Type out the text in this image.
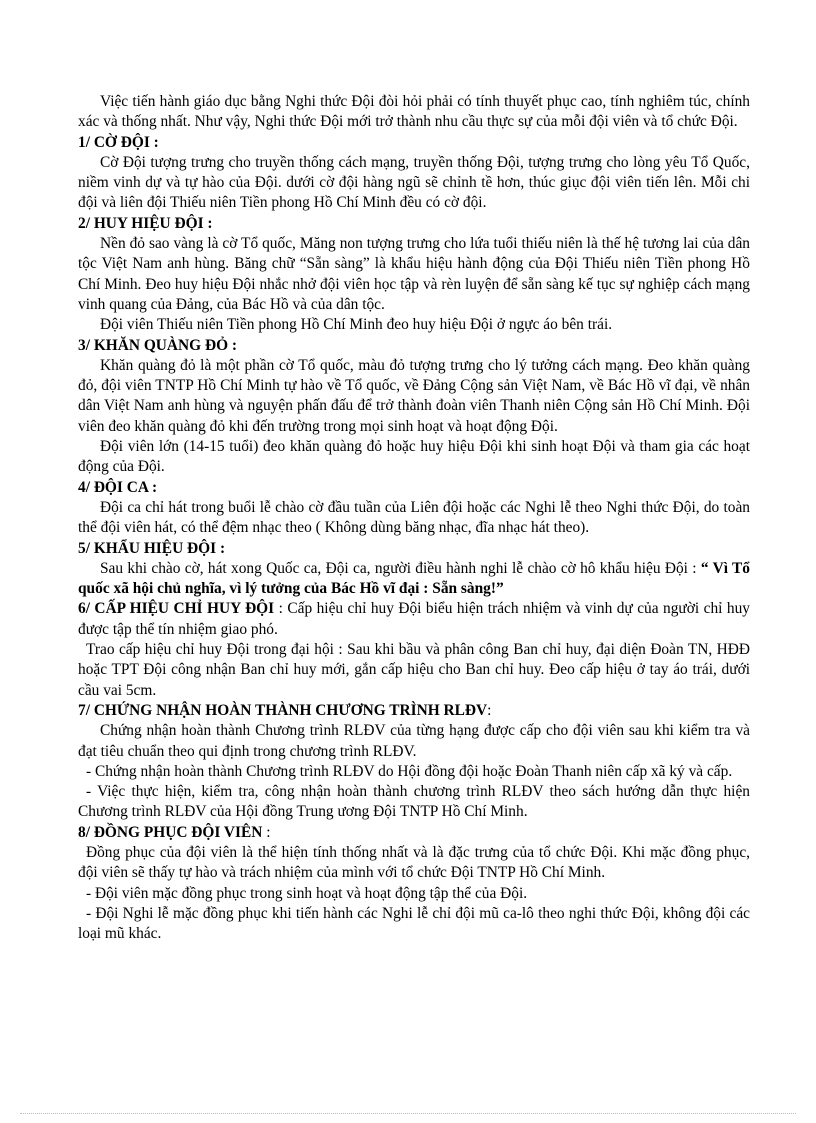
Việc tiến hành giáo dục bằng Nghi thức Đội đòi hỏi phải có tính thuyết phục cao, tính nghiêm túc, chính xác và thống nhất. Như vậy, Nghi thức Đội mới trở thành nhu cầu thực sự của mỗi đội viên và tổ chức Đội.

1/ CỜ ĐỘI :

Cờ Đội tượng trưng cho truyền thống cách mạng, truyền thống Đội, tượng trưng cho lòng yêu Tổ Quốc, niềm vinh dự và tự hào của Đội. dưới cờ đội hàng ngũ sẽ chỉnh tề hơn, thúc giục đội viên tiến lên. Mỗi chi đội và liên đội Thiếu niên Tiền phong Hồ Chí Minh đều có cờ đội.

2/ HUY HIỆU ĐỘI :

Nền đỏ sao vàng là cờ Tổ quốc, Măng non tượng trưng cho lứa tuổi thiếu niên là thế hệ tương lai của dân tộc Việt Nam anh hùng. Băng chữ “Sẵn sàng” là khẩu hiệu hành động của Đội Thiếu niên Tiền phong Hồ Chí Minh. Đeo huy hiệu Đội nhắc nhở đội viên học tập và rèn luyện để sẵn sàng kế tục sự nghiệp cách mạng vinh quang của Đảng, của Bác Hồ và của dân tộc.

Đội viên Thiếu niên Tiền phong Hồ Chí Minh đeo huy hiệu Đội ở ngực áo bên trái.

3/ KHĂN QUÀNG ĐỎ :

Khăn quàng đỏ là một phần cờ Tổ quốc, màu đỏ tượng trưng cho lý tưởng cách mạng. Đeo khăn quàng đỏ, đội viên TNTP Hồ Chí Minh tự hào về Tổ quốc, về Đảng Cộng sản Việt Nam, về Bác Hồ vĩ đại, về nhân dân Việt Nam anh hùng và nguyện phấn đấu để trở thành đoàn viên Thanh niên Cộng sản Hồ Chí Minh. Đội viên đeo khăn quàng đỏ khi đến trường trong mọi sinh hoạt và hoạt động Đội.

Đội viên lớn (14-15 tuổi) đeo khăn quàng đỏ hoặc huy hiệu Đội khi sinh hoạt Đội và tham gia các hoạt động của Đội.

4/ ĐỘI CA :

Đội ca chỉ hát trong buổi lễ chào cờ đầu tuần của Liên đội hoặc các Nghi lễ theo Nghi thức Đội, do toàn thể đội viên hát, có thể đệm nhạc theo ( Không dùng băng nhạc, đĩa nhạc hát theo).

5/ KHẨU HIỆU ĐỘI :

Sau khi chào cờ, hát xong Quốc ca, Đội ca, người điều hành nghi lễ chào cờ hô khẩu hiệu Đội : “ Vì Tổ quốc xã hội chủ nghĩa, vì lý tưởng của Bác Hồ vĩ đại : Sẵn sàng!”

6/ CẤP HIỆU CHỈ HUY ĐỘI : Cấp hiệu chỉ huy Đội biểu hiện trách nhiệm và vinh dự của người chỉ huy được tập thể tín nhiệm giao phó.

Trao cấp hiệu chỉ huy Đội trong đại hội : Sau khi bầu và phân công Ban chỉ huy, đại diện Đoàn TN, HĐĐ hoặc TPT Đội công nhận Ban chỉ huy mới, gắn cấp hiệu cho Ban chỉ huy. Đeo cấp hiệu ở tay áo trái, dưới cầu vai 5cm.

7/ CHỨNG NHẬN HOÀN THÀNH CHƯƠNG TRÌNH RLĐV:

Chứng nhận hoàn thành Chương trình RLĐV của từng hạng được cấp cho đội viên sau khi kiểm tra và đạt tiêu chuẩn theo qui định trong chương trình RLĐV.

- Chứng nhận hoàn thành Chương trình RLĐV do Hội đồng đội hoặc Đoàn Thanh niên cấp xã ký và cấp.

- Việc thực hiện, kiểm tra, công nhận hoàn thành chương trình RLĐV theo sách hướng dẫn thực hiện Chương trình RLĐV của Hội đồng Trung ương Đội TNTP Hồ Chí Minh.

8/ ĐỒNG PHỤC ĐỘI VIÊN :

Đồng phục của đội viên là thể hiện tính thống nhất và là đặc trưng của tổ chức Đội. Khi mặc đồng phục, đội viên sẽ thấy tự hào và trách nhiệm của mình với tổ chức Đội TNTP Hồ Chí Minh.

- Đội viên mặc đồng phục trong sinh hoạt và hoạt động tập thể của Đội.

- Đội Nghi lễ mặc đồng phục khi tiến hành các Nghi lễ chỉ đội mũ ca-lô theo nghi thức Đội, không đội các loại mũ khác.
